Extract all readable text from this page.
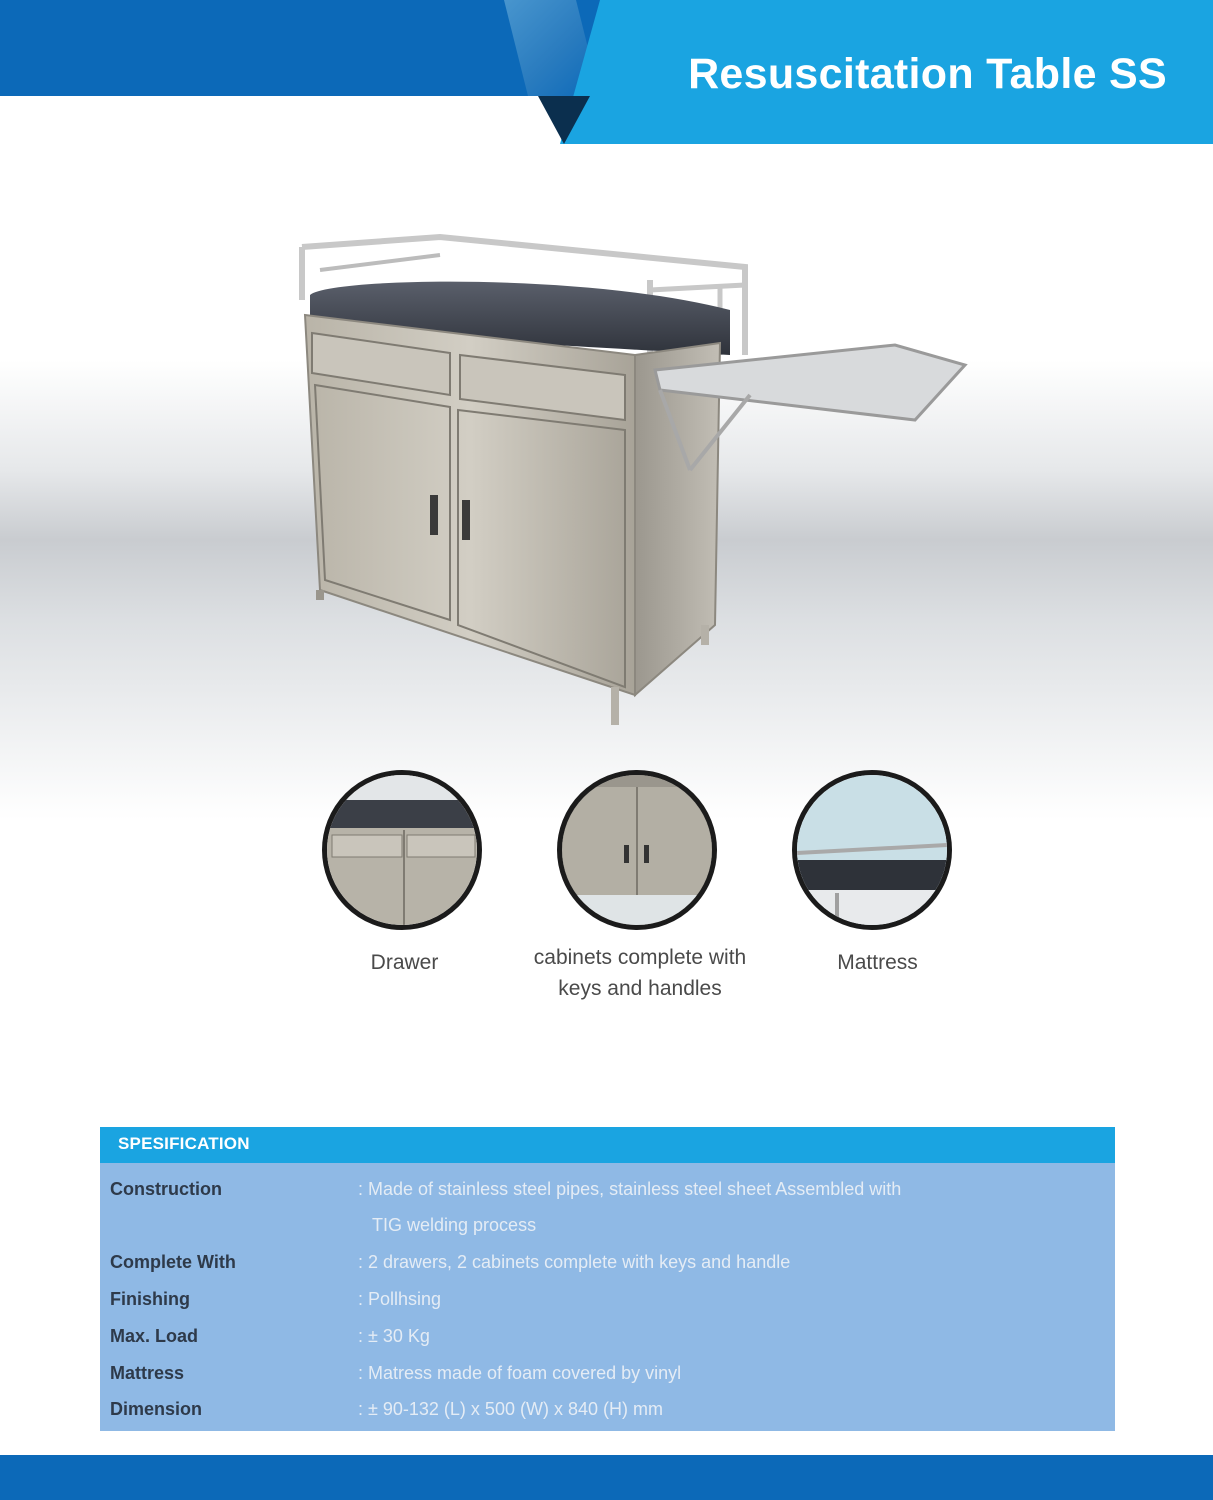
Resuscitation Table SS
Drawer	cabinets complete with
keys and handles
Mattress
SPESIFICATION
Construction	: Made of stainless steel pipes, stainless steel sheet Assembled with
TIG welding process
Complete With	: 2 drawers, 2 cabinets complete with keys and handle
Finishing	: Pollhsing
Max. Load	: ± 30 Kg
Mattress	: Matress made of foam covered by vinyl
Dimension	: ± 90-132 (L) x 500 (W) x 840 (H) mm
